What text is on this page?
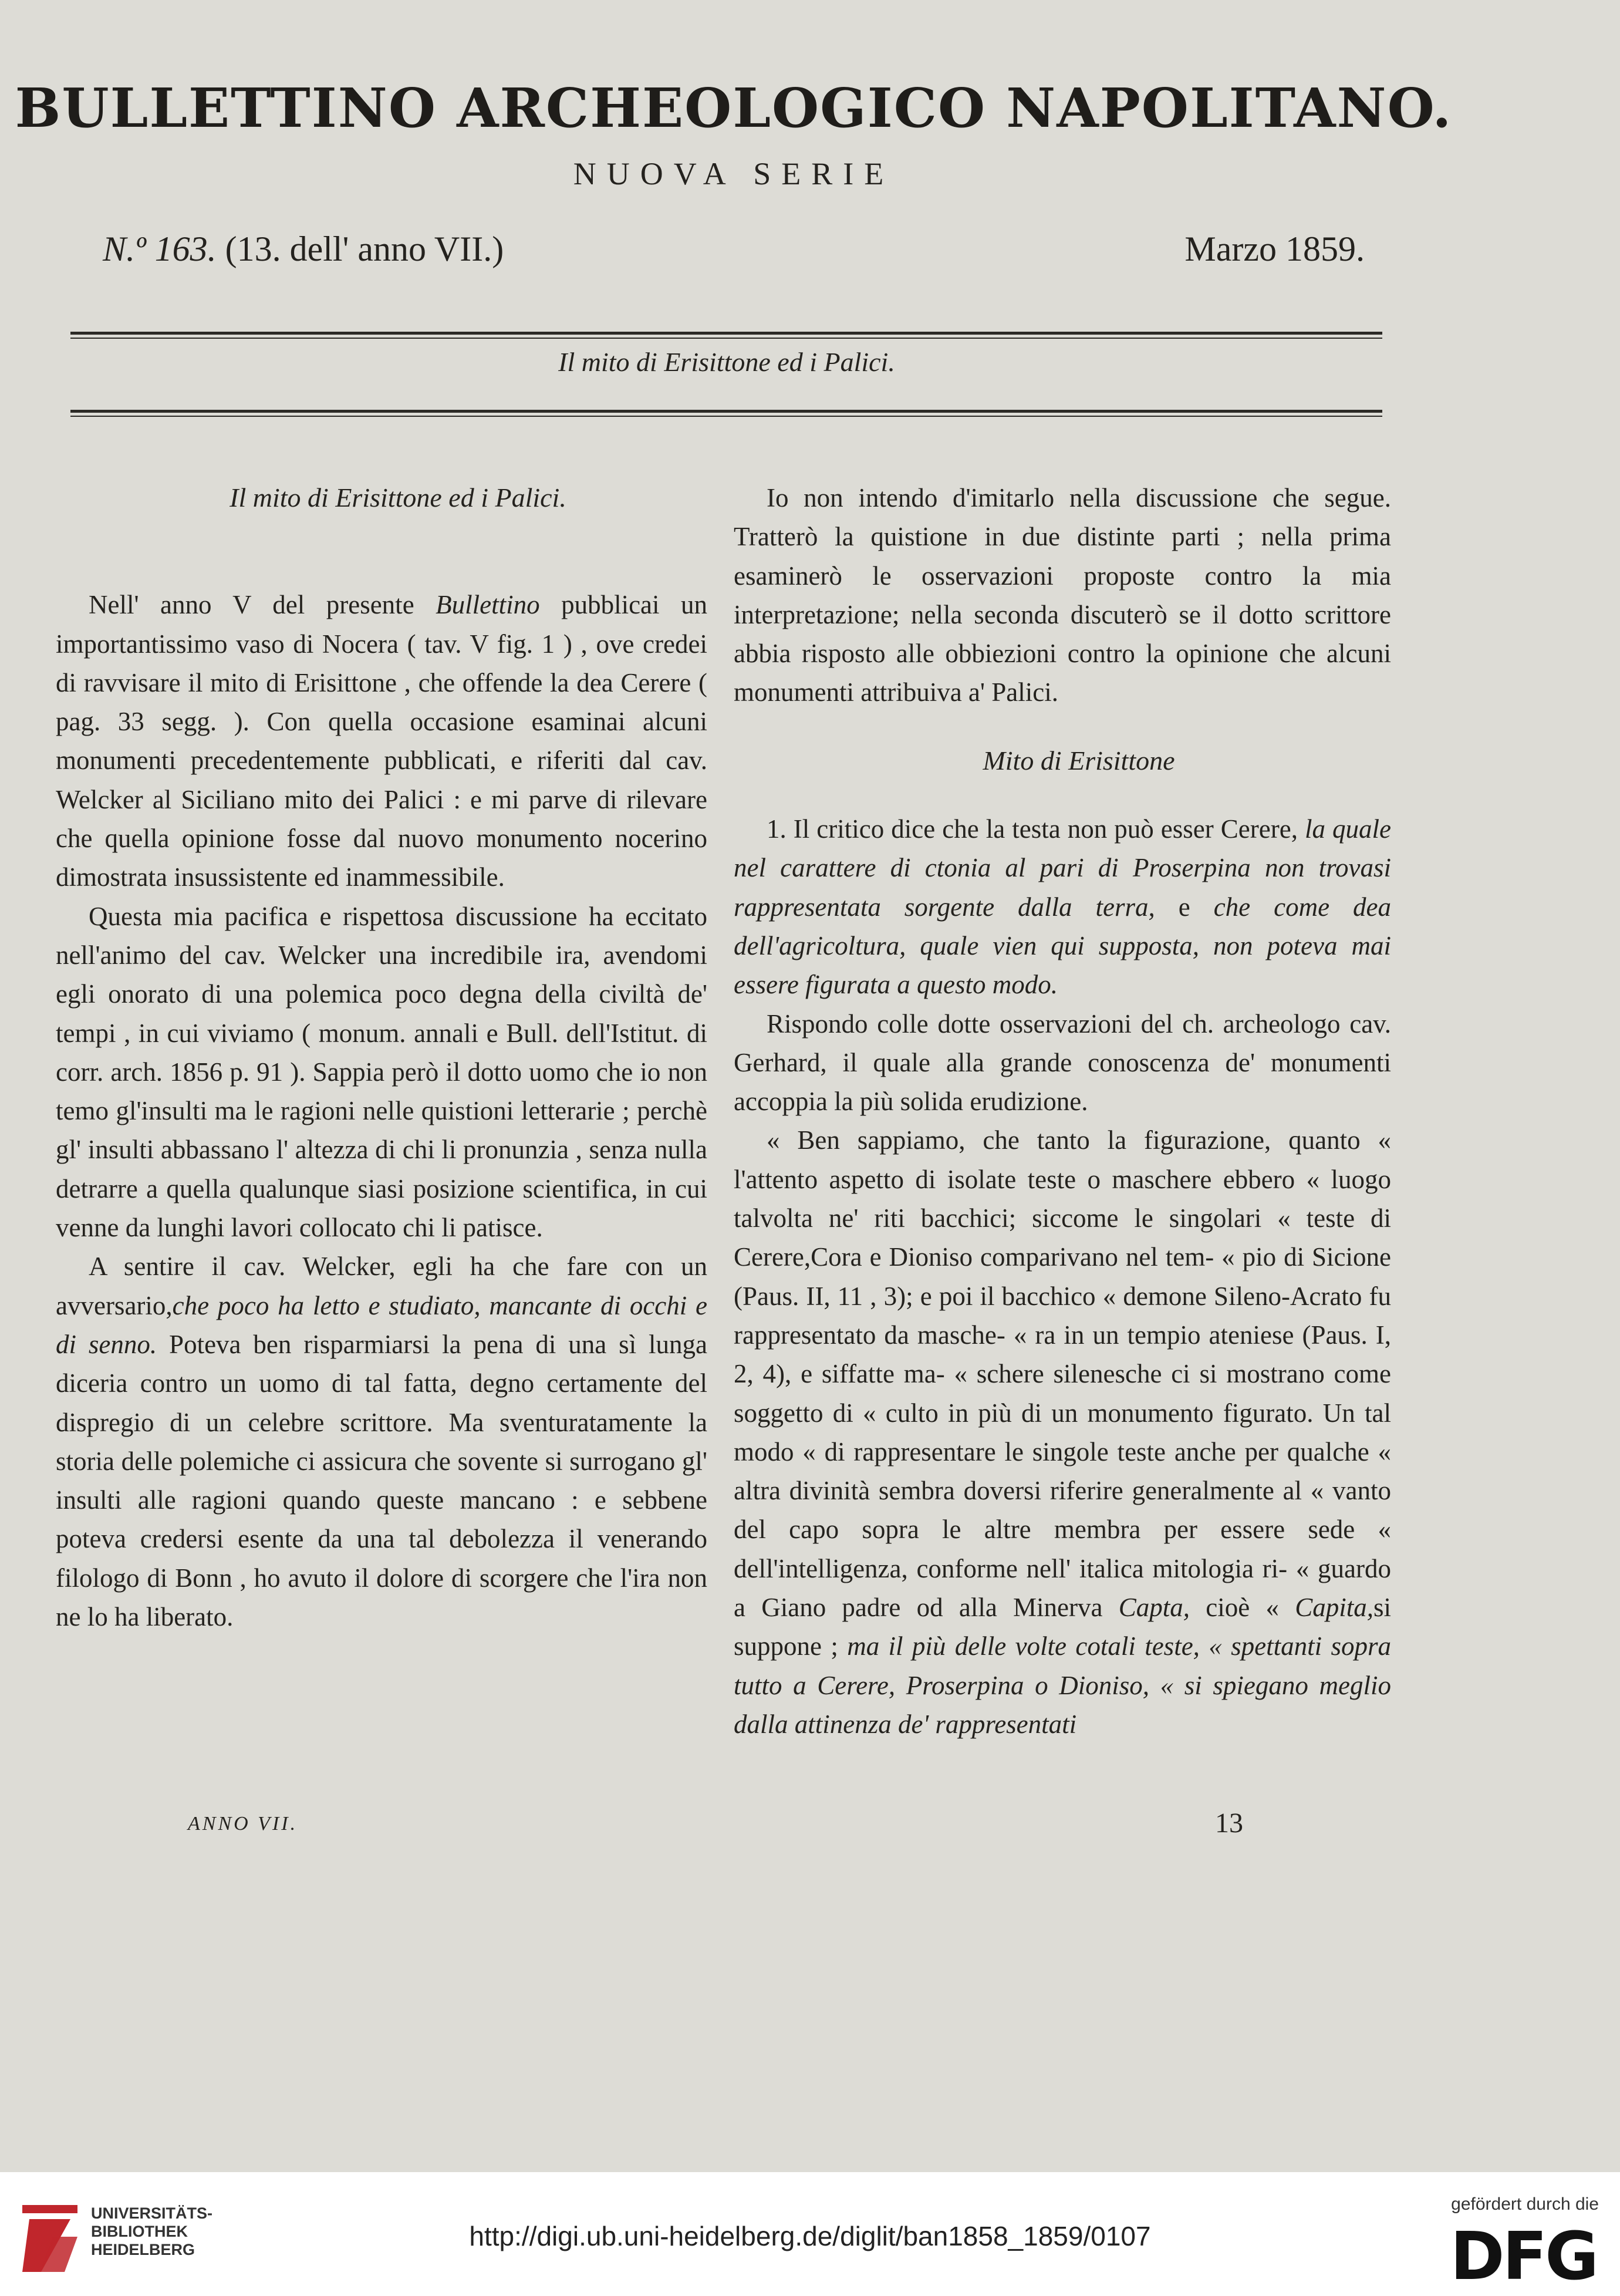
BULLETTINO ARCHEOLOGICO NAPOLITANO.
NUOVA SERIE
N.º 163. (13. dell' anno VII.)	Marzo 1859.
Il mito di Erisittone ed i Palici.

Il mito di Erisittone ed i Palici.

Nell' anno V del presente Bullettino pubblicai un importantissimo vaso di Nocera ( tav. V fig. 1 ) , ove credei di ravvisare il mito di Erisittone , che offende la dea Cerere ( pag. 33 segg. ). Con quella occasione esaminai alcuni monumenti precedentemente pubblicati, e riferiti dal cav. Welcker al Siciliano mito dei Palici : e mi parve di rilevare che quella opinione fosse dal nuovo monumento nocerino dimostrata insussistente ed inammessibile.

Questa mia pacifica e rispettosa discussione ha eccitato nell'animo del cav. Welcker una incredibile ira, avendomi egli onorato di una polemica poco degna della civiltà de' tempi , in cui viviamo ( monum. annali e Bull. dell'Istitut. di corr. arch. 1856 p. 91 ). Sappia però il dotto uomo che io non temo gl'insulti ma le ragioni nelle quistioni letterarie ; perchè gl' insulti abbassano l' altezza di chi li pronunzia , senza nulla detrarre a quella qualunque siasi posizione scientifica, in cui venne da lunghi lavori collocato chi li patisce.

A sentire il cav. Welcker, egli ha che fare con un avversario,che poco ha letto e studiato, mancante di occhi e di senno. Poteva ben risparmiarsi la pena di una sì lunga diceria contro un uomo di tal fatta, degno certamente del dispregio di un celebre scrittore. Ma sventuratamente la storia delle polemiche ci assicura che sovente si surrogano gl' insulti alle ragioni quando queste mancano : e sebbene poteva credersi esente da una tal debolezza il venerando filologo di Bonn , ho avuto il dolore di scorgere che l'ira non ne lo ha liberato.

Io non intendo d'imitarlo nella discussione che segue. Tratterò la quistione in due distinte parti ; nella prima esaminerò le osservazioni proposte contro la mia interpretazione; nella seconda discuterò se il dotto scrittore abbia risposto alle obbiezioni contro la opinione che alcuni monumenti attribuiva a' Palici.

Mito di Erisittone

1. Il critico dice che la testa non può esser Cerere, la quale nel carattere di ctonia al pari di Proserpina non trovasi rappresentata sorgente dalla terra, e che come dea dell'agricoltura, quale vien qui supposta, non poteva mai essere figurata a questo modo.

Rispondo colle dotte osservazioni del ch. archeologo cav. Gerhard, il quale alla grande conoscenza de' monumenti accoppia la più solida erudizione.

« Ben sappiamo, che tanto la figurazione, quanto « l'attento aspetto di isolate teste o maschere ebbero « luogo talvolta ne' riti bacchici; siccome le singolari « teste di Cerere,Cora e Dioniso comparivano nel tem- « pio di Sicione (Paus. II, 11 , 3); e poi il bacchico « demone Sileno-Acrato fu rappresentato da masche- « ra in un tempio ateniese (Paus. I, 2, 4), e siffatte ma- « schere silenesche ci si mostrano come soggetto di « culto in più di un monumento figurato. Un tal modo « di rappresentare le singole teste anche per qualche « altra divinità sembra doversi riferire generalmente al « vanto del capo sopra le altre membra per essere sede « dell'intelligenza, conforme nell' italica mitologia ri- « guardo a Giano padre od alla Minerva Capta, cioè « Capita,si suppone ; ma il più delle volte cotali teste, « spettanti sopra tutto a Cerere, Proserpina o Dioniso, « si spiegano meglio dalla attinenza de' rappresentati

ANNO VII.	13
UNIVERSITÄTS-
BIBLIOTHEK
HEIDELBERG	http://digi.ub.uni-heidelberg.de/diglit/ban1858_1859/0107
gefördert durch die
DFG
